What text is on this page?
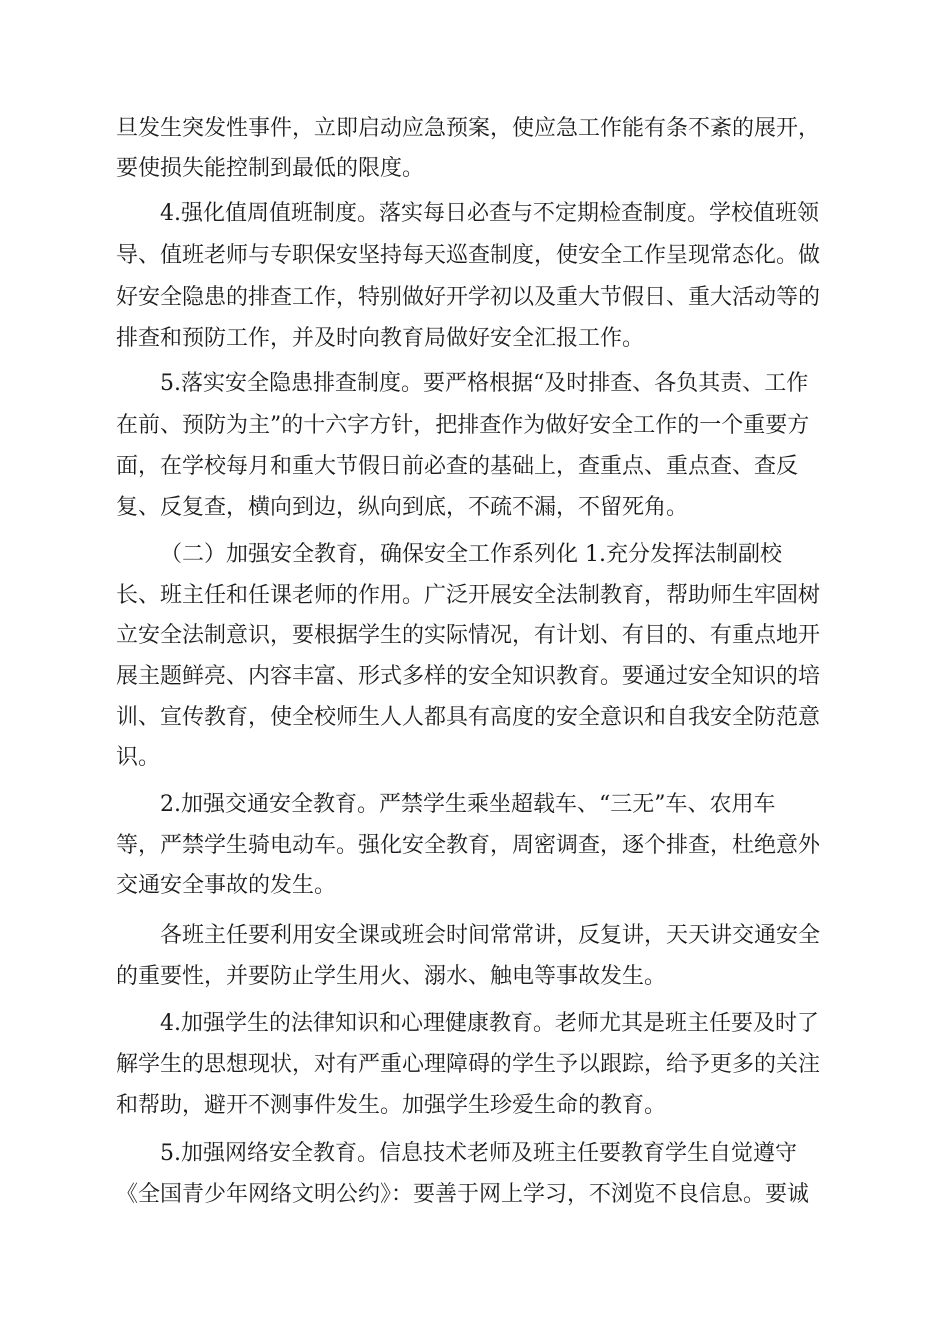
旦发生突发性事件，立即启动应急预案，使应急工作能有条不紊的展开，
要使损失能控制到最低的限度。
4.强化值周值班制度。落实每日必查与不定期检查制度。学校值班领
导、值班老师与专职保安坚持每天巡查制度，使安全工作呈现常态化。做
好安全隐患的排查工作，特别做好开学初以及重大节假日、重大活动等的
排查和预防工作，并及时向教育局做好安全汇报工作。
5.落实安全隐患排查制度。要严格根据“及时排查、各负其责、工作
在前、预防为主”的十六字方针，把排查作为做好安全工作的一个重要方
面，在学校每月和重大节假日前必查的基础上，查重点、重点查、查反
复、反复查，横向到边，纵向到底，不疏不漏，不留死角。
（二）加强安全教育，确保安全工作系列化 1.充分发挥法制副校
长、班主任和任课老师的作用。广泛开展安全法制教育，帮助师生牢固树
立安全法制意识，要根据学生的实际情况，有计划、有目的、有重点地开
展主题鲜亮、内容丰富、形式多样的安全知识教育。要通过安全知识的培
训、宣传教育，使全校师生人人都具有高度的安全意识和自我安全防范意
识。
2.加强交通安全教育。严禁学生乘坐超载车、“三无”车、农用车
等，严禁学生骑电动车。强化安全教育，周密调查，逐个排查，杜绝意外
交通安全事故的发生。
各班主任要利用安全课或班会时间常常讲，反复讲，天天讲交通安全
的重要性，并要防止学生用火、溺水、触电等事故发生。
4.加强学生的法律知识和心理健康教育。老师尤其是班主任要及时了
解学生的思想现状，对有严重心理障碍的学生予以跟踪，给予更多的关注
和帮助，避开不测事件发生。加强学生珍爱生命的教育。
5.加强网络安全教育。信息技术老师及班主任要教育学生自觉遵守
《全国青少年网络文明公约》：要善于网上学习，不浏览不良信息。要诚
